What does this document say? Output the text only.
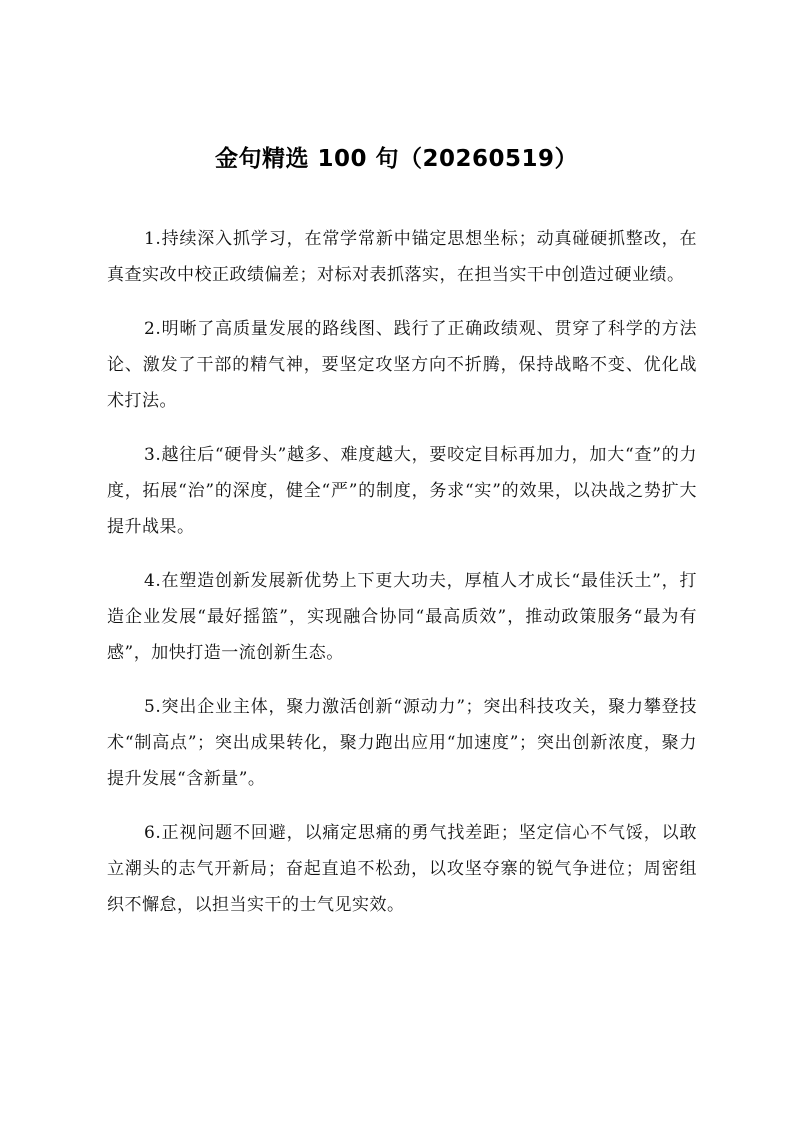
金句精选 100 句（20260519）

1.持续深入抓学习，在常学常新中锚定思想坐标；动真碰硬抓整改，在真查实改中校正政绩偏差；对标对表抓落实，在担当实干中创造过硬业绩。

2.明晰了高质量发展的路线图、践行了正确政绩观、贯穿了科学的方法论、激发了干部的精气神，要坚定攻坚方向不折腾，保持战略不变、优化战术打法。

3.越往后“硬骨头”越多、难度越大，要咬定目标再加力，加大“查”的力度，拓展“治”的深度，健全“严”的制度，务求“实”的效果，以决战之势扩大提升战果。

4.在塑造创新发展新优势上下更大功夫，厚植人才成长“最佳沃土”，打造企业发展“最好摇篮”，实现融合协同“最高质效”，推动政策服务“最为有感”，加快打造一流创新生态。

5.突出企业主体，聚力激活创新“源动力”；突出科技攻关，聚力攀登技术“制高点”；突出成果转化，聚力跑出应用“加速度”；突出创新浓度，聚力提升发展“含新量”。

6.正视问题不回避，以痛定思痛的勇气找差距；坚定信心不气馁，以敢立潮头的志气开新局；奋起直追不松劲，以攻坚夺寨的锐气争进位；周密组织不懈怠，以担当实干的士气见实效。
